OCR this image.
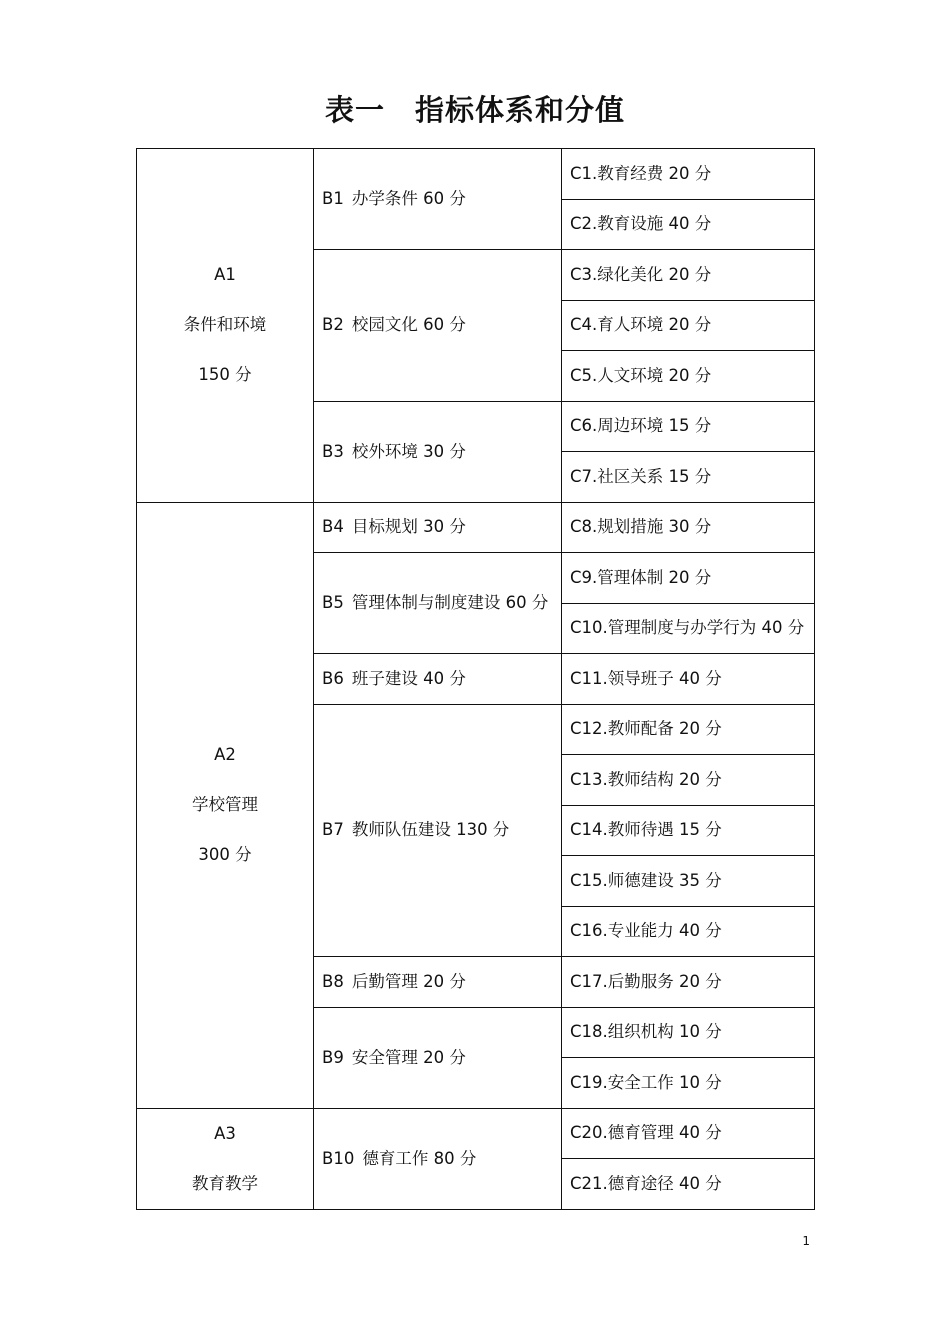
表一 指标体系和分值
A1
条件和环境
150 分	B1 办学条件 60 分	C1.教育经费 20 分
		C2.教育设施 40 分
	B2 校园文化 60 分	C3.绿化美化 20 分
		C4.育人环境 20 分
		C5.人文环境 20 分
	B3 校外环境 30 分	C6.周边环境 15 分
		C7.社区关系 15 分

A2
学校管理
300 分	B4 目标规划 30 分	C8.规划措施 30 分
	B5 管理体制与制度建设 60 分	C9.管理体制 20 分
		C10.管理制度与办学行为 40 分
	B6 班子建设 40 分	C11.领导班子 40 分
	B7 教师队伍建设 130 分	C12.教师配备 20 分
		C13.教师结构 20 分
		C14.教师待遇 15 分
		C15.师德建设 35 分
		C16.专业能力 40 分
	B8 后勤管理 20 分	C17.后勤服务 20 分
	B9 安全管理 20 分	C18.组织机构 10 分
		C19.安全工作 10 分

A3
教育教学	B10 德育工作 80 分	C20.德育管理 40 分
		C21.德育途径 40 分
1
